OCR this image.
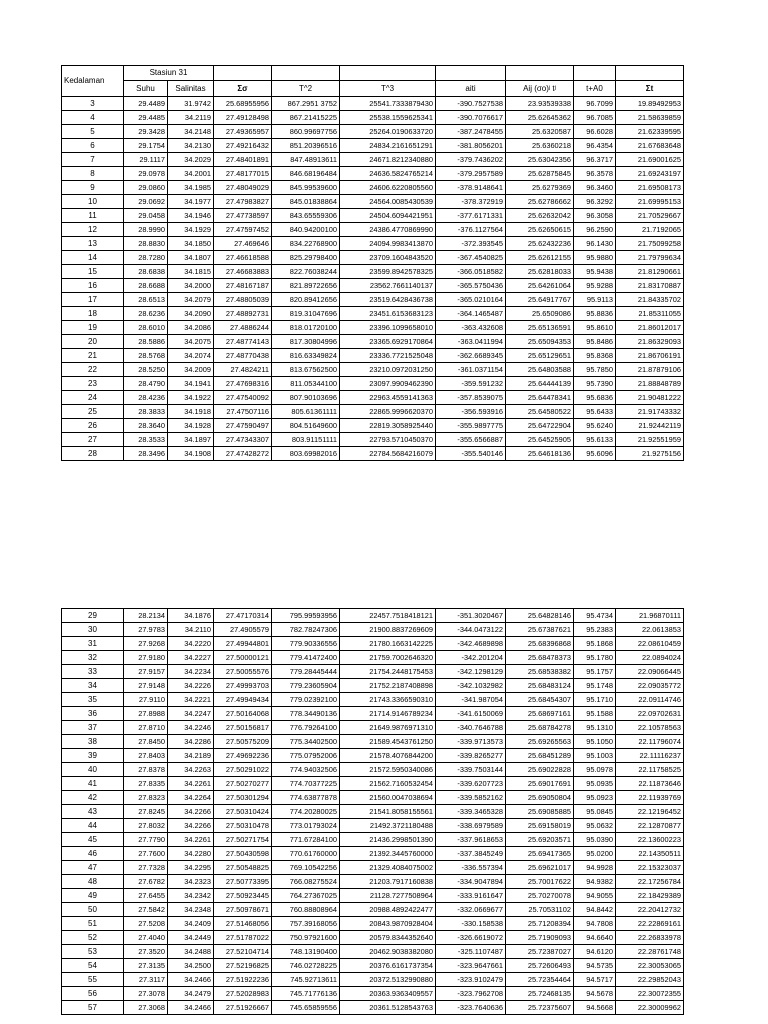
Kedalaman	Stasiun 31								
	Suhu	Salinitas	Σσ	T^2	T^3	aiti	Aij (σo)ʲ tʲ	t+A0	Σt
3	29.4489	31.9742	25.68955956	867.2951 3752	25541.7333879430	-390.7527538	23.93539338	96.7099	19.89492953
4	29.4485	34.2119	27.49128498	867.21415225	25538.1559625341	-390.7076617	25.62645362	96.7085	21.58639859
5	29.3428	34.2148	27.49365957	860.99697756	25264.0190633720	-387.2478455	25.6320587	96.6028	21.62339595
6	29.1754	34.2130	27.49216432	851.20396516	24834.2161651291	-381.8056201	25.6360218	96.4354	21.67683648
7	29.1117	34.2029	27.48401891	847.48913611	24671.8212340880	-379.7436202	25.63042356	96.3717	21.69001625
8	29.0978	34.2001	27.48177015	846.68196484	24636.5824765214	-379.2957589	25.62875845	96.3578	21.69243197
9	29.0860	34.1985	27.48049029	845.99539600	24606.6220805560	-378.9148641	25.6279369	96.3460	21.69508173
10	29.0692	34.1977	27.47983827	845.01838864	24564.0085430539	-378.372919	25.62786662	96.3292	21.69995153
11	29.0458	34.1946	27.47738597	843.65559306	24504.6094421951	-377.6171331	25.62632042	96.3058	21.70529667
12	28.9990	34.1929	27.47597452	840.94200100	24386.4770869990	-376.1127564	25.62650615	96.2590	21.7192065
13	28.8830	34.1850	27.469646	834.22768900	24094.9983413870	-372.393545	25.62432236	96.1430	21.75099258
14	28.7280	34.1807	27.46618588	825.29798400	23709.1604843520	-367.4540825	25.62612155	95.9880	21.79799634
15	28.6838	34.1815	27.46683883	822.76038244	23599.8942578325	-366.0518582	25.62818033	95.9438	21.81290661
16	28.6688	34.2000	27.48167187	821.89722656	23562.7661140137	-365.5750436	25.64261064	95.9288	21.83170887
17	28.6513	34.2079	27.48805039	820.89412656	23519.6428436738	-365.0210164	25.64917767	95.9113	21.84335702
18	28.6236	34.2090	27.48892731	819.31047696	23451.6153683123	-364.1465487	25.6509086	95.8836	21.85311055
19	28.6010	34.2086	27.4886244	818.01720100	23396.1099658010	-363.432608	25.65136591	95.8610	21.86012017
20	28.5886	34.2075	27.48774143	817.30804996	23365.6929170864	-363.0411994	25.65094353	95.8486	21.86329093
21	28.5768	34.2074	27.48770438	816.63349824	23336.7721525048	-362.6689345	25.65129651	95.8368	21.86706191
22	28.5250	34.2009	27.4824211	813.67562500	23210.0972031250	-361.0371154	25.64803588	95.7850	21.87879106
23	28.4790	34.1941	27.47698316	811.05344100	23097.9909462390	-359.591232	25.64444139	95.7390	21.88848789
24	28.4236	34.1922	27.47540092	807.90103696	22963.4559141363	-357.8539075	25.64478341	95.6836	21.90481222
25	28.3833	34.1918	27.47507116	805.61361111	22865.9996620370	-356.593916	25.64580522	95.6433	21.91743332
26	28.3640	34.1928	27.47590497	804.51649600	22819.3058925440	-355.9897775	25.64722904	95.6240	21.92442119
27	28.3533	34.1897	27.47343307	803.91151111	22793.5710450370	-355.6566887	25.64525905	95.6133	21.92551959
28	28.3496	34.1908	27.47428272	803.69982016	22784.5684216079	-355.540146	25.64618136	95.6096	21.9275156
29	28.2134	34.1876	27.47170314	795.99593956	22457.7518418121	-351.3020467	25.64828146	95.4734	21.96870111
30	27.9783	34.2110	27.4905579	782.78247306	21900.8837269609	-344.0473122	25.67387621	95.2383	22.0613853
31	27.9268	34.2220	27.49944801	779.90336556	21780.1663142225	-342.4689898	25.68396868	95.1868	22.08610459
32	27.9180	34.2227	27.50000121	779.41472400	21759.7002646320	-342.201204	25.68478373	95.1780	22.0894024
33	27.9157	34.2234	27.50055576	779.28445444	21754.2448175453	-342.1298129	25.68538382	95.1757	22.09066445
34	27.9148	34.2226	27.49993703	779.23605904	21752.2187408898	-342.1032982	25.68483124	95.1748	22.09035772
35	27.9110	34.2221	27.49949434	779.02392100	21743.3366590310	-341.987054	25.68454307	95.1710	22.09114746
36	27.8988	34.2247	27.50164068	778.34490136	21714.9146789234	-341.6150069	25.68697161	95.1588	22.09702631
37	27.8710	34.2246	27.50156817	776.79264100	21649.9876971310	-340.7646788	25.68784278	95.1310	22.10578563
38	27.8450	34.2286	27.50575209	775.34402500	21589.4543761250	-339.9713573	25.69265563	95.1050	22.11796074
39	27.8403	34.2189	27.49692236	775.07952006	21578.4076844200	-339.8265277	25.68451289	95.1003	22.11116237
40	27.8378	34.2263	27.50291022	774.94032506	21572.5950340086	-339.7503144	25.69022828	95.0978	22.11758525
41	27.8335	34.2261	27.50270277	774.70377225	21562.7160532454	-339.6207723	25.69017691	95.0935	22.11873646
42	27.8323	34.2264	27.50301294	774.63877878	21560.0047038694	-339.5852162	25.69050804	95.0923	22.11939769
43	27.8245	34.2266	27.50310424	774.20280025	21541.8058155561	-339.3465328	25.69085885	95.0845	22.12196452
44	27.8032	34.2266	27.50310478	773.01793024	21492.3721180488	-338.6979589	25.69158019	95.0632	22.12870877
45	27.7790	34.2261	27.50271754	771.67284100	21436.2998501390	-337.9618653	25.69203571	95.0390	22.13600223
46	27.7600	34.2280	27.50430598	770.61760000	21392.3445760000	-337.3845249	25.69417365	95.0200	22.14350511
47	27.7328	34.2295	27.50548825	769.10542256	21329.4084075002	-336.557394	25.69621017	94.9928	22.15323037
48	27.6782	34.2323	27.50773395	766.08275524	21203.7917160838	-334.9047894	25.70017622	94.9382	22.17256784
49	27.6455	34.2342	27.50923445	764.27367025	21128.7277508964	-333.9161647	25.70270078	94.9055	22.18429389
50	27.5842	34.2348	27.50978671	760.88808964	20988.4892422477	-332.0669677	25.70531102	94.8442	22.20412732
51	27.5208	34.2409	27.51468056	757.39168056	20843.9870928404	-330.158538	25.71208394	94.7808	22.22869161
52	27.4040	34.2449	27.51787022	750.97921600	20579.8344352640	-326.6619072	25.71909093	94.6640	22.26833978
53	27.3520	34.2488	27.52104714	748.13190400	20462.9038382080	-325.1107487	25.72387027	94.6120	22.28761748
54	27.3135	34.2500	27.52196825	746.02728225	20376.6161737354	-323.9647661	25.72606493	94.5735	22.30053065
55	27.3117	34.2466	27.51922236	745.92713611	20372.5132990880	-323.9102479	25.72354464	94.5717	22.29852043
56	27.3078	34.2479	27.52028983	745.71776136	20363.9363409557	-323.7962708	25.72468135	94.5678	22.30072355
57	27.3068	34.2466	27.51926667	745.65859556	20361.5128543763	-323.7640636	25.72375607	94.5668	22.30009962
